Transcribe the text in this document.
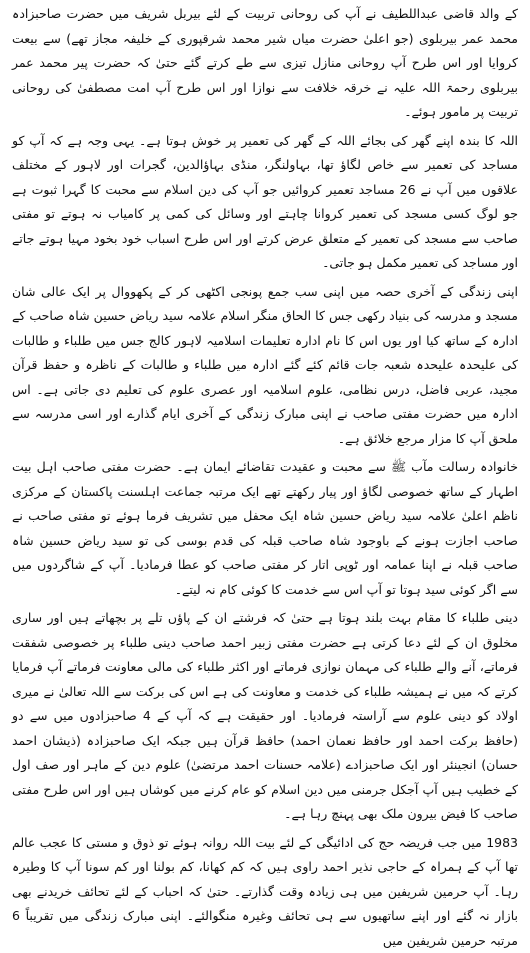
کے والد قاضی عبداللطیف نے آپ کی روحانی تربیت کے لئے بیربل شریف میں حضرت صاحبزادہ محمد عمر بیربلوی (جو اعلیٰ حضرت میاں شیر محمد شرقپوری کے خلیفہ مجاز تھے) سے بیعت کروایا اور اس طرح آپ روحانی منازل تیزی سے طے کرتے گئے حتیٰ کہ حضرت پیر محمد عمر بیربلوی رحمۃ اللہ علیہ نے خرقہ خلافت سے نوازا اور اس طرح آپ امت مصطفیٰ کی روحانی تربیت پر مامور ہوئے۔

اللہ کا بندہ اپنے گھر کی بجائے اللہ کے گھر کی تعمیر پر خوش ہوتا ہے۔ یہی وجہ ہے کہ آپ کو مساجد کی تعمیر سے خاص لگاؤ تھا، بہاولنگر، منڈی بہاؤالدین، گجرات اور لاہور کے مختلف علاقوں میں آپ نے 26 مساجد تعمیر کروائیں جو آپ کی دین اسلام سے محبت کا گہرا ثبوت ہے جو لوگ کسی مسجد کی تعمیر کروانا چاہتے اور وسائل کی کمی پر کامیاب نہ ہوتے تو مفتی صاحب سے مسجد کی تعمیر کے متعلق عرض کرتے اور اس طرح اسباب خود بخود مہیا ہوتے جاتے اور مساجد کی تعمیر مکمل ہو جاتی۔

اپنی زندگی کے آخری حصہ میں اپنی سب جمع پونجی اکٹھی کر کے پکھووال پر ایک عالی شان مسجد و مدرسہ کی بنیاد رکھی جس کا الحاق منگر اسلام علامہ سید ریاض حسین شاہ صاحب کے ادارہ کے ساتھ کیا اور یوں اس کا نام ادارہ تعلیمات اسلامیہ لاہور کالج جس میں طلباء و طالبات کی علیحدہ علیحدہ شعبہ جات قائم کئے گئے ادارہ میں طلباء و طالبات کے ناظرہ و حفظ قرآن مجید، عربی فاضل، درس نظامی، علوم اسلامیہ اور عصری علوم کی تعلیم دی جاتی ہے۔ اس ادارہ میں حضرت مفتی صاحب نے اپنی مبارک زندگی کے آخری ایام گذارے اور اسی مدرسہ سے ملحق آپ کا مزار مرجع خلائق ہے۔

خانوادہ رسالت مآب ﷺ سے محبت و عقیدت تقاضائے ایمان ہے۔ حضرت مفتی صاحب اہل بیت اطہار کے ساتھ خصوصی لگاؤ اور پیار رکھتے تھے ایک مرتبہ جماعت اہلسنت پاکستان کے مرکزی ناظم اعلیٰ علامہ سید ریاض حسین شاہ ایک محفل میں تشریف فرما ہوئے تو مفتی صاحب نے صاحب اجازت ہونے کے باوجود شاہ صاحب قبلہ کی قدم بوسی کی تو سید ریاض حسین شاہ صاحب قبلہ نے اپنا عمامہ اور ٹوپی اتار کر مفتی صاحب کو عطا فرمادیا۔ آپ کے شاگردوں میں سے اگر کوئی سید ہوتا تو آپ اس سے خدمت کا کوئی کام نہ لیتے۔

دینی طلباء کا مقام بہت بلند ہوتا ہے حتیٰ کہ فرشتے ان کے پاؤں تلے پر بچھاتے ہیں اور ساری مخلوق ان کے لئے دعا کرتی ہے حضرت مفتی زبیر احمد صاحب دینی طلباء پر خصوصی شفقت فرماتے، آنے والے طلباء کی مہمان نوازی فرماتے اور اکثر طلباء کی مالی معاونت فرماتے آپ فرمایا کرتے کہ میں نے ہمیشہ طلباء کی خدمت و معاونت کی ہے اس کی برکت سے اللہ تعالیٰ نے میری اولاد کو دینی علوم سے آراستہ فرمادیا۔ اور حقیقت ہے کہ آپ کے 4 صاحبزادوں میں سے دو (حافظ برکت احمد اور حافظ نعمان احمد) حافظ قرآن ہیں جبکہ ایک صاحبزادہ (ذیشان احمد حسان) انجینئر اور ایک صاحبزادے (علامہ حسنات احمد مرتضیٰ) علوم دین کے ماہر اور صف اول کے خطیب ہیں آپ آجکل جرمنی میں دین اسلام کو عام کرنے میں کوشاں ہیں اور اس طرح مفتی صاحب کا فیض بیرون ملک بھی پہنچ رہا ہے۔

1983 میں جب فریضہ حج کی ادائیگی کے لئے بیت اللہ روانہ ہوئے تو ذوق و مستی کا عجب عالم تھا آپ کے ہمراہ کے حاجی نذیر احمد راوی ہیں کہ کم کھانا، کم بولنا اور کم سونا آپ کا وطیرہ رہا۔ آپ حرمین شریفین میں ہی زیادہ وقت گذارتے۔ حتیٰ کہ احباب کے لئے تحائف خریدنے بھی بازار نہ گئے اور اپنے ساتھیوں سے ہی تحائف وغیرہ منگوالئے۔ اپنی مبارک زندگی میں تقریباً 6 مرتبہ حرمین شریفین میں
